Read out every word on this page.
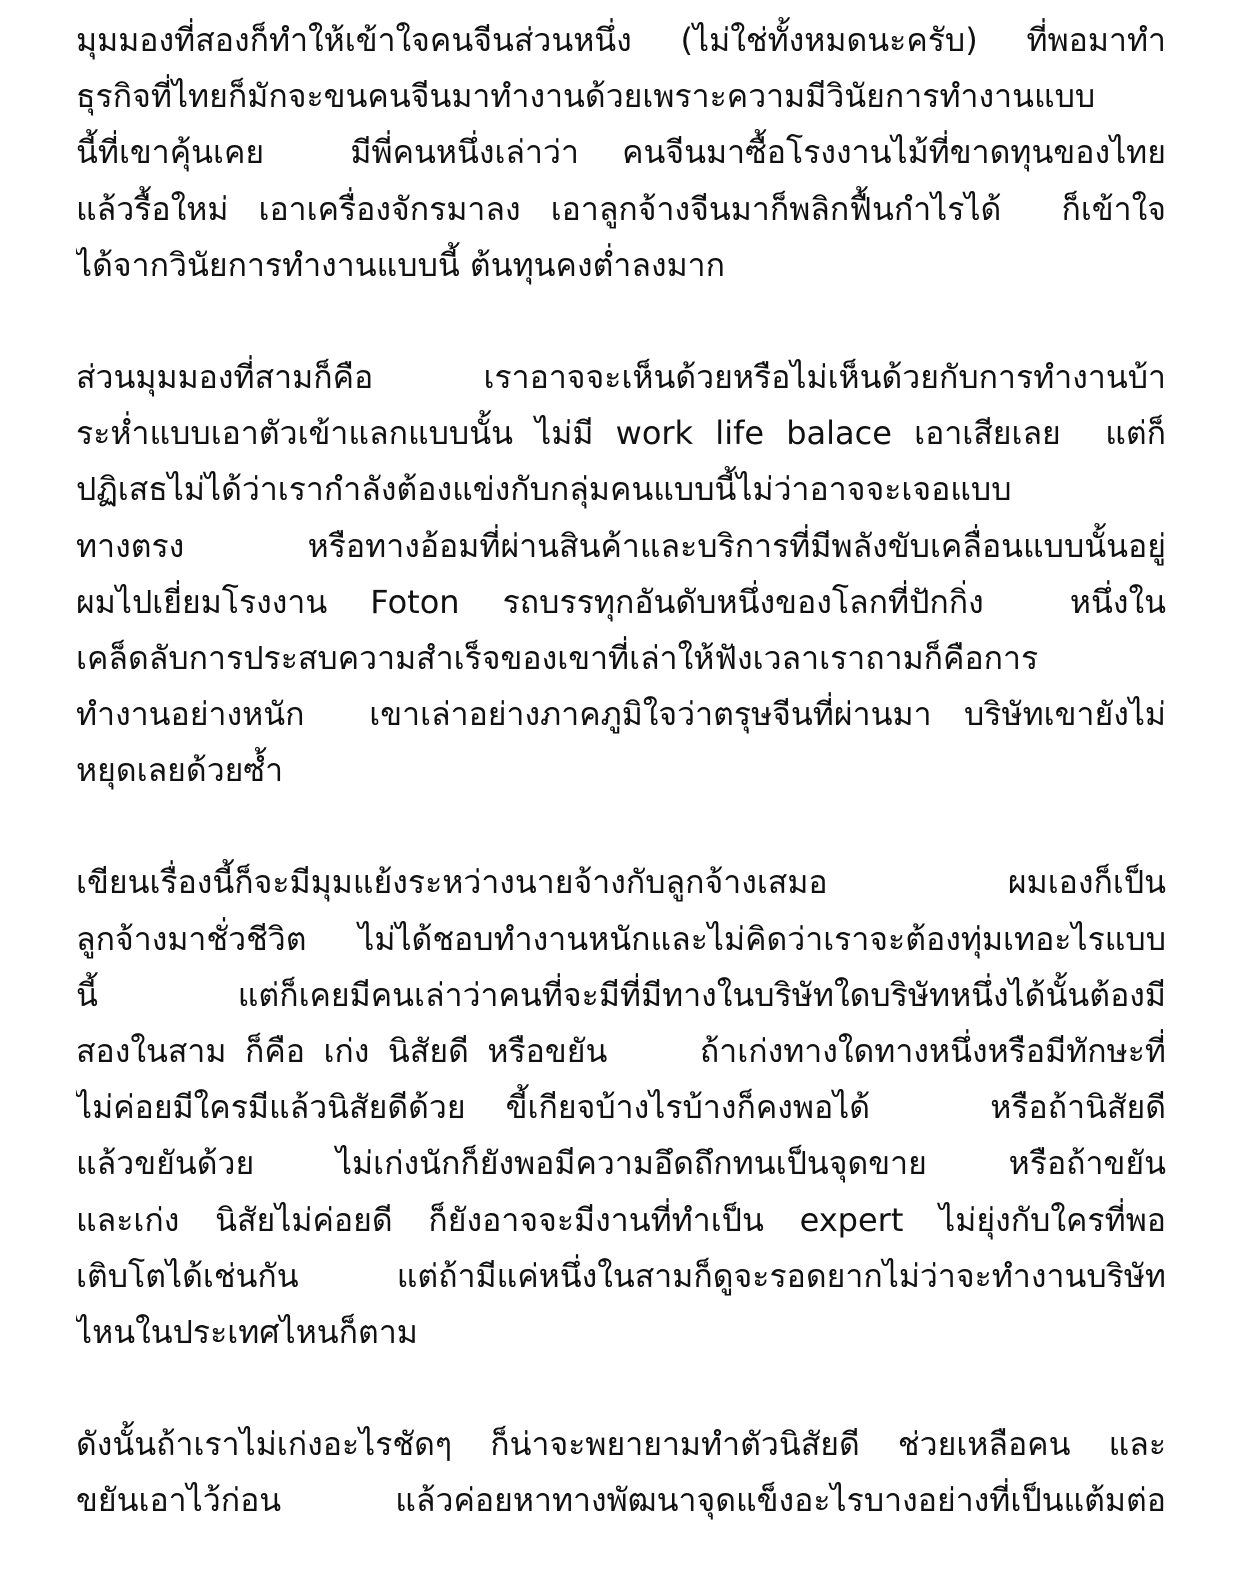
มุมมองที่สองก็ทำให้เข้าใจคนจีนส่วนหนึ่ง (ไม่ใช่ทั้งหมดนะครับ) ที่พอมาทำ
ธุรกิจที่ไทยก็มักจะขนคนจีนมาทำงานด้วยเพราะความมีวินัยการทำงานแบบ
นี้ที่เขาคุ้นเคย  มีพี่คนหนึ่งเล่าว่า คนจีนมาซื้อโรงงานไม้ที่ขาดทุนของไทย
แล้วรื้อใหม่ เอาเครื่องจักรมาลง เอาลูกจ้างจีนมาก็พลิกฟื้นกำไรได้  ก็เข้าใจ
ได้จากวินัยการทำงานแบบนี้ ต้นทุนคงต่ำลงมาก
ส่วนมุมมองที่สามก็คือ เราอาจจะเห็นด้วยหรือไม่เห็นด้วยกับการทำงานบ้า
ระห่ำแบบเอาตัวเข้าแลกแบบนั้น ไม่มี work life balace เอาเสียเลย  แต่ก็
ปฏิเสธไม่ได้ว่าเรากำลังต้องแข่งกับกลุ่มคนแบบนี้ไม่ว่าอาจจะเจอแบบ
ทางตรง หรือทางอ้อมที่ผ่านสินค้าและบริการที่มีพลังขับเคลื่อนแบบนั้นอยู่
ผมไปเยี่ยมโรงงาน Foton รถบรรทุกอันดับหนึ่งของโลกที่ปักกิ่ง  หนึ่งใน
เคล็ดลับการประสบความสำเร็จของเขาที่เล่าให้ฟังเวลาเราถามก็คือการ
ทำงานอย่างหนัก  เขาเล่าอย่างภาคภูมิใจว่าตรุษจีนที่ผ่านมา บริษัทเขายังไม่
หยุดเลยด้วยซ้ำ
เขียนเรื่องนี้ก็จะมีมุมแย้งระหว่างนายจ้างกับลูกจ้างเสมอ  ผมเองก็เป็น
ลูกจ้างมาชั่วชีวิต ไม่ได้ชอบทำงานหนักและไม่คิดว่าเราจะต้องทุ่มเทอะไรแบบ
นี้   แต่ก็เคยมีคนเล่าว่าคนที่จะมีที่มีทางในบริษัทใดบริษัทหนึ่งได้นั้นต้องมี
สองในสาม ก็คือ เก่ง นิสัยดี หรือขยัน     ถ้าเก่งทางใดทางหนึ่งหรือมีทักษะที่
ไม่ค่อยมีใครมีแล้วนิสัยดีด้วย ขี้เกียจบ้างไรบ้างก็คงพอได้   หรือถ้านิสัยดี
แล้วขยันด้วย  ไม่เก่งนักก็ยังพอมีความอึดถึกทนเป็นจุดขาย  หรือถ้าขยัน
และเก่ง นิสัยไม่ค่อยดี ก็ยังอาจจะมีงานที่ทำเป็น expert ไม่ยุ่งกับใครที่พอ
เติบโตได้เช่นกัน   แต่ถ้ามีแค่หนึ่งในสามก็ดูจะรอดยากไม่ว่าจะทำงานบริษัท
ไหนในประเทศไหนก็ตาม
ดังนั้นถ้าเราไม่เก่งอะไรชัดๆ ก็น่าจะพยายามทำตัวนิสัยดี ช่วยเหลือคน และ
ขยันเอาไว้ก่อน   แล้วค่อยหาทางพัฒนาจุดแข็งอะไรบางอย่างที่เป็นแต้มต่อ
